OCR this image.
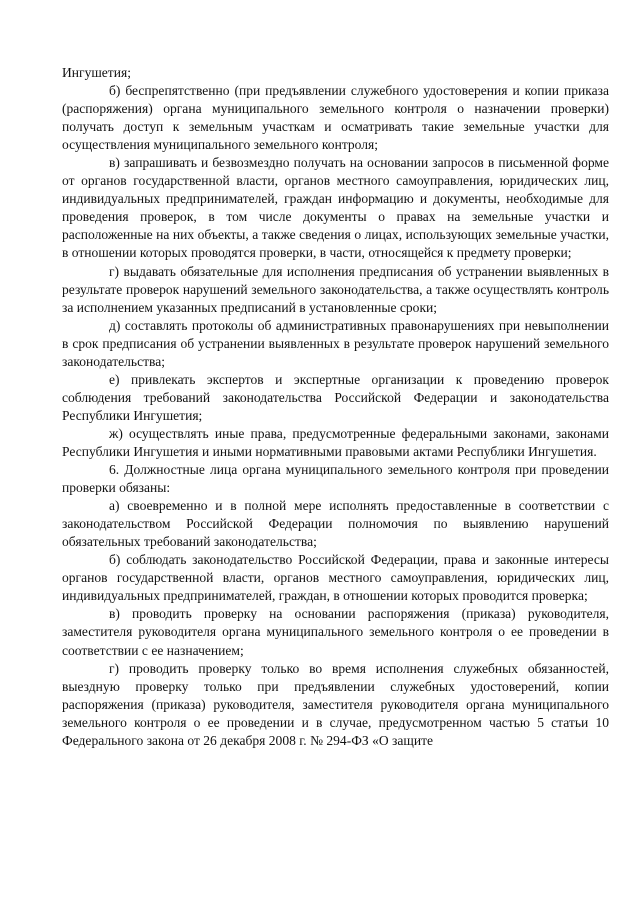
Ингушетия;

б) беспрепятственно (при предъявлении служебного удостоверения и копии приказа (распоряжения) органа муниципального земельного контроля о назначении проверки) получать доступ к земельным участкам и осматривать такие земельные участки для осуществления муниципального земельного контроля;

в) запрашивать и безвозмездно получать на основании запросов в письменной форме от органов государственной власти, органов местного самоуправления, юридических лиц, индивидуальных предпринимателей, граждан информацию и документы, необходимые для проведения проверок, в том числе документы о правах на земельные участки и расположенные на них объекты, а также сведения о лицах, использующих земельные участки, в отношении которых проводятся проверки, в части, относящейся к предмету проверки;

г) выдавать обязательные для исполнения предписания об устранении выявленных в результате проверок нарушений земельного законодательства, а также осуществлять контроль за исполнением указанных предписаний в установленные сроки;

д) составлять протоколы об административных правонарушениях при невыполнении в срок предписания об устранении выявленных в результате проверок нарушений земельного законодательства;

е) привлекать экспертов и экспертные организации к проведению проверок соблюдения требований законодательства Российской Федерации и законодательства Республики Ингушетия;

ж) осуществлять иные права, предусмотренные федеральными законами, законами Республики Ингушетия и иными нормативными правовыми актами Республики Ингушетия.

6. Должностные лица органа муниципального земельного контроля при проведении проверки обязаны:

а) своевременно и в полной мере исполнять предоставленные в соответствии с законодательством Российской Федерации полномочия по выявлению нарушений обязательных требований законодательства;

б) соблюдать законодательство Российской Федерации, права и законные интересы органов государственной власти, органов местного самоуправления, юридических лиц, индивидуальных предпринимателей, граждан, в отношении которых проводится проверка;

в) проводить проверку на основании распоряжения (приказа) руководителя, заместителя руководителя органа муниципального земельного контроля о ее проведении в соответствии с ее назначением;

г) проводить проверку только во время исполнения служебных обязанностей, выездную проверку только при предъявлении служебных удостоверений, копии распоряжения (приказа) руководителя, заместителя руководителя органа муниципального земельного контроля о ее проведении и в случае, предусмотренном частью 5 статьи 10 Федерального закона от 26 декабря 2008 г. № 294-ФЗ «О защите
